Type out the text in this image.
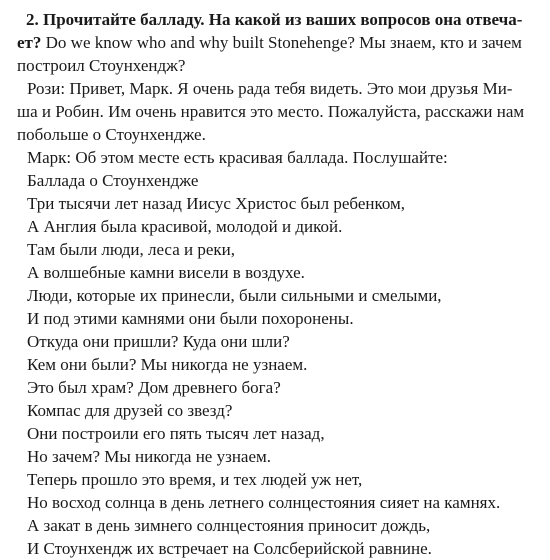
2. Прочитайте балладу. На какой из ваших вопросов она отвеча-
ет? Do we know who and why built Stonehenge? Мы знаем, кто и зачем
построил Стоунхендж?
Рози: Привет, Марк. Я очень рада тебя видеть. Это мои друзья Ми-
ша и Робин. Им очень нравится это место. Пожалуйста, расскажи нам
побольше о Стоунхендже.
Марк: Об этом месте есть красивая баллада. Послушайте:
Баллада о Стоунхендже
Три тысячи лет назад Иисус Христос был ребенком,
А Англия была красивой, молодой и дикой.
Там были люди, леса и реки,
А волшебные камни висели в воздухе.
Люди, которые их принесли, были сильными и смелыми,
И под этими камнями они были похоронены.
Откуда они пришли? Куда они шли?
Кем они были? Мы никогда не узнаем.
Это был храм? Дом древнего бога?
Компас для друзей со звезд?
Они построили его пять тысяч лет назад,
Но зачем? Мы никогда не узнаем.
Теперь прошло это время, и тех людей уж нет,
Но восход солнца в день летнего солнцестояния сияет на камнях.
А закат в день зимнего солнцестояния приносит дождь,
И Стоунхендж их встречает на Солсберийской равнине.
